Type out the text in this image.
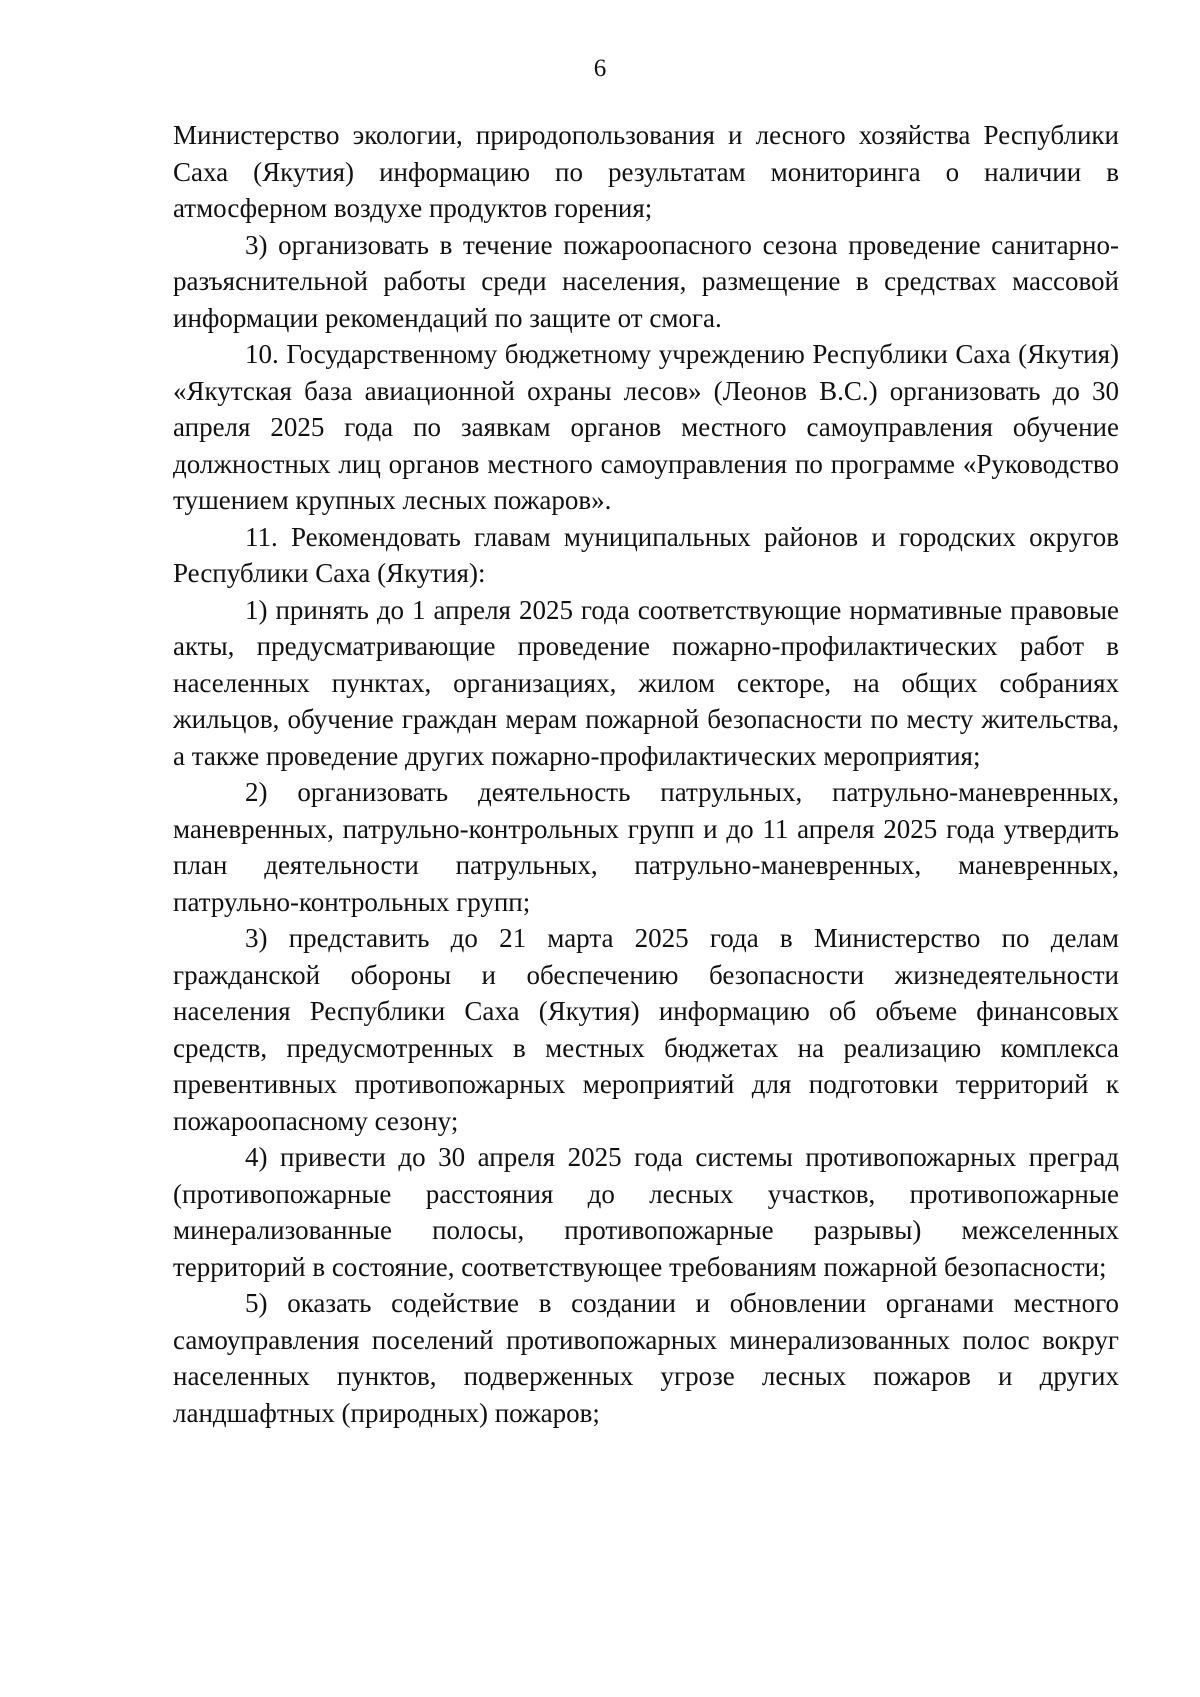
6

Министерство экологии, природопользования и лесного хозяйства Республики Саха (Якутия) информацию по результатам мониторинга о наличии в атмосферном воздухе продуктов горения;

3) организовать в течение пожароопасного сезона проведение санитарно-разъяснительной работы среди населения, размещение в средствах массовой информации рекомендаций по защите от смога.

10. Государственному бюджетному учреждению Республики Саха (Якутия) «Якутская база авиационной охраны лесов» (Леонов В.С.) организовать до 30 апреля 2025 года по заявкам органов местного самоуправления обучение должностных лиц органов местного самоуправления по программе «Руководство тушением крупных лесных пожаров».

11. Рекомендовать главам муниципальных районов и городских округов Республики Саха (Якутия):

1) принять до 1 апреля 2025 года соответствующие нормативные правовые акты, предусматривающие проведение пожарно-профилактических работ в населенных пунктах, организациях, жилом секторе, на общих собраниях жильцов, обучение граждан мерам пожарной безопасности по месту жительства, а также проведение других пожарно-профилактических мероприятия;

2) организовать деятельность патрульных, патрульно-маневренных, маневренных, патрульно-контрольных групп и до 11 апреля 2025 года утвердить план деятельности патрульных, патрульно-маневренных, маневренных, патрульно-контрольных групп;

3) представить до 21 марта 2025 года в Министерство по делам гражданской обороны и обеспечению безопасности жизнедеятельности населения Республики Саха (Якутия) информацию об объеме финансовых средств, предусмотренных в местных бюджетах на реализацию комплекса превентивных противопожарных мероприятий для подготовки территорий к пожароопасному сезону;

4) привести до 30 апреля 2025 года системы противопожарных преград (противопожарные расстояния до лесных участков, противопожарные минерализованные полосы, противопожарные разрывы) межселенных территорий в состояние, соответствующее требованиям пожарной безопасности;

5) оказать содействие в создании и обновлении органами местного самоуправления поселений противопожарных минерализованных полос вокруг населенных пунктов, подверженных угрозе лесных пожаров и других ландшафтных (природных) пожаров;
